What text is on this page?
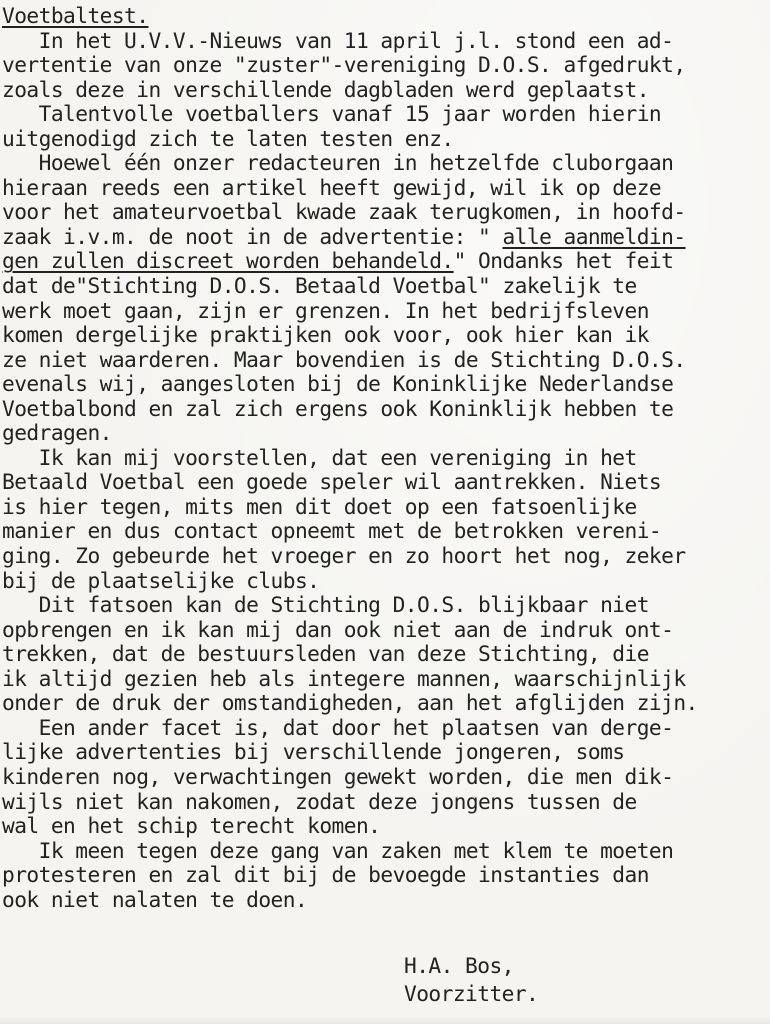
Voetbaltest.
In het U.V.V.-Nieuws van 11 april j.l. stond een ad-
vertentie van onze "zuster"-vereniging D.O.S. afgedrukt,
zoals deze in verschillende dagbladen werd geplaatst.
Talentvolle voetballers vanaf 15 jaar worden hierin
uitgenodigd zich te laten testen enz.
Hoewel één onzer redacteuren in hetzelfde cluborgaan
hieraan reeds een artikel heeft gewijd, wil ik op deze
voor het amateurvoetbal kwade zaak terugkomen, in hoofd-
zaak i.v.m. de noot in de advertentie: " alle aanmeldin-
gen zullen discreet worden behandeld." Ondanks het feit
dat de"Stichting D.O.S. Betaald Voetbal" zakelijk te
werk moet gaan, zijn er grenzen. In het bedrijfsleven
komen dergelijke praktijken ook voor, ook hier kan ik
ze niet waarderen. Maar bovendien is de Stichting D.O.S.
evenals wij, aangesloten bij de Koninklijke Nederlandse
Voetbalbond en zal zich ergens ook Koninklijk hebben te
gedragen.
Ik kan mij voorstellen, dat een vereniging in het
Betaald Voetbal een goede speler wil aantrekken. Niets
is hier tegen, mits men dit doet op een fatsoenlijke
manier en dus contact opneemt met de betrokken vereni-
ging. Zo gebeurde het vroeger en zo hoort het nog, zeker
bij de plaatselijke clubs.
Dit fatsoen kan de Stichting D.O.S. blijkbaar niet
opbrengen en ik kan mij dan ook niet aan de indruk ont-
trekken, dat de bestuursleden van deze Stichting, die
ik altijd gezien heb als integere mannen, waarschijnlijk
onder de druk der omstandigheden, aan het afglijden zijn.
Een ander facet is, dat door het plaatsen van derge-
lijke advertenties bij verschillende jongeren, soms
kinderen nog, verwachtingen gewekt worden, die men dik-
wijls niet kan nakomen, zodat deze jongens tussen de
wal en het schip terecht komen.
Ik meen tegen deze gang van zaken met klem te moeten
protesteren en zal dit bij de bevoegde instanties dan
ook niet nalaten te doen.
H.A. Bos,
Voorzitter.
